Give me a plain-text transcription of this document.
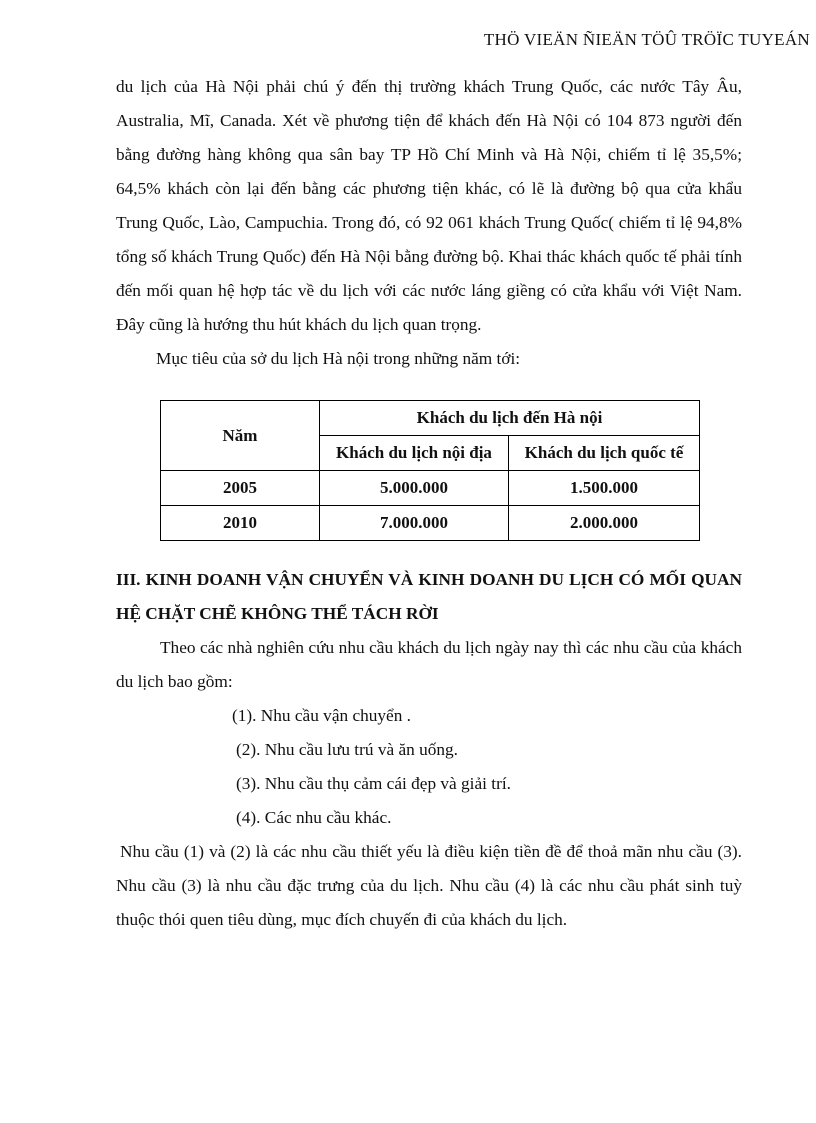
THÖ VIEÄN ÑIEÄN TÖÛ TRÖÏC TUYEÁN

du lịch của Hà Nội phải chú ý đến thị trường khách Trung Quốc, các nước Tây Âu, Australia, Mĩ, Canada. Xét về phương tiện để khách đến Hà Nội có 104 873 người đến bằng đường hàng không qua sân bay TP Hồ Chí Minh và Hà Nội, chiếm tỉ lệ 35,5%; 64,5% khách còn lại đến bằng các phương tiện khác, có lẽ là đường bộ qua cửa khẩu Trung Quốc, Lào, Campuchia. Trong đó, có 92 061 khách Trung Quốc( chiếm tỉ lệ 94,8% tổng số khách Trung Quốc) đến Hà Nội bằng đường bộ. Khai thác khách quốc tế phải tính đến mối quan hệ hợp tác về du lịch với các nước láng giềng có cửa khẩu với Việt Nam. Đây cũng là hướng thu hút khách du lịch quan trọng.

Mục tiêu của sở du lịch Hà nội trong những năm tới:

Năm	Khách du lịch đến Hà nội	
	Khách du lịch nội địa	Khách du lịch quốc tế
2005	5.000.000	1.500.000
2010	7.000.000	2.000.000
III. KINH DOANH VẬN CHUYỂN VÀ KINH DOANH DU LỊCH CÓ MỐI QUAN HỆ CHẶT CHẼ KHÔNG THỂ TÁCH RỜI

Theo các nhà nghiên cứu nhu cầu khách du lịch ngày nay thì các nhu cầu của khách du lịch bao gồm:

(1). Nhu cầu vận chuyển .

(2). Nhu cầu lưu trú và ăn uống.

(3). Nhu cầu thụ cảm cái đẹp và giải trí.

(4). Các nhu cầu khác.

Nhu cầu (1) và (2) là các nhu cầu thiết yếu là điều kiện tiền đề để thoả mãn nhu cầu (3). Nhu cầu (3) là nhu cầu đặc trưng của du lịch. Nhu cầu (4) là các nhu cầu phát sinh tuỳ thuộc thói quen tiêu dùng, mục đích chuyến đi của khách du lịch.
